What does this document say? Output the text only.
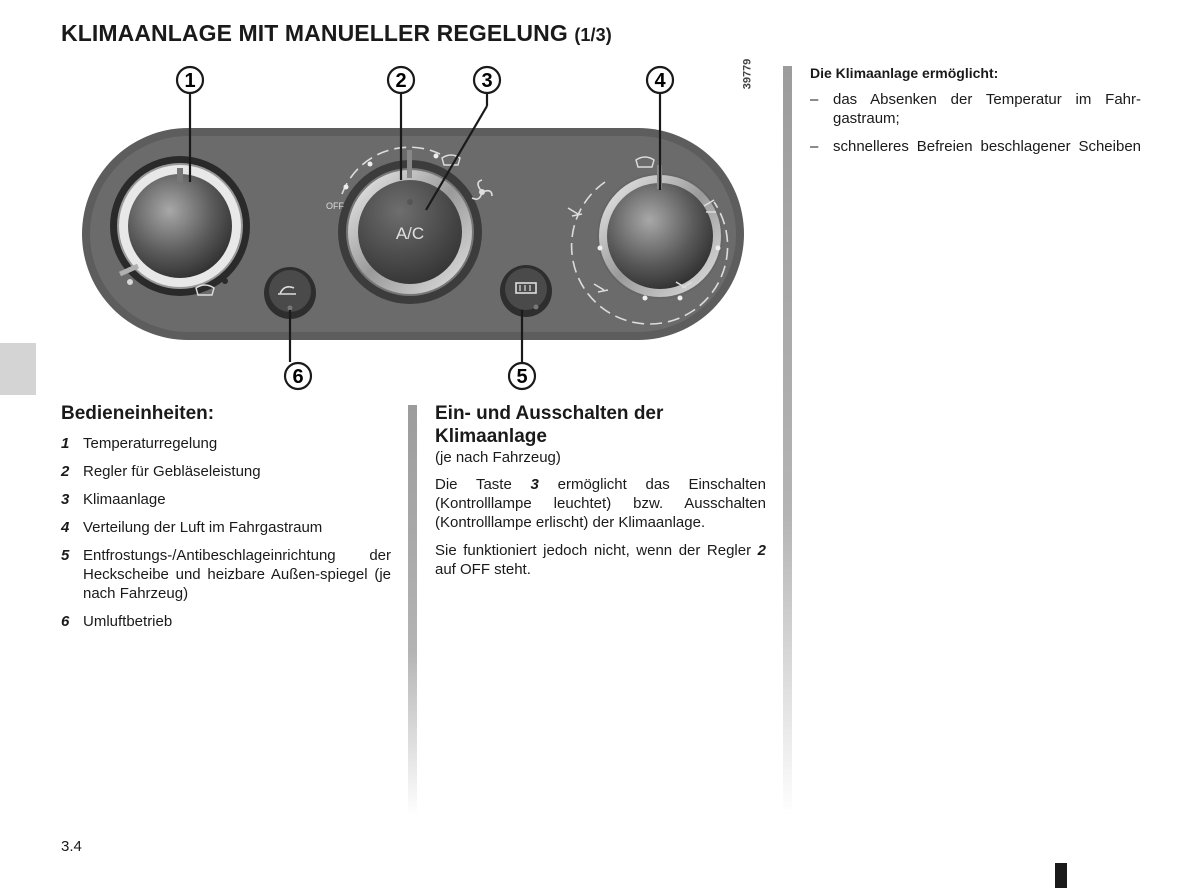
KLIMAANLAGE MIT MANUELLER REGELUNG (1/3)
A/C
OFF
1	2	3	4
5
6
39779
Bedieneinheiten:
1 Temperaturregelung
2 Regler für Gebläseleistung
3 Klimaanlage
4 Verteilung der Luft im Fahrgastraum
5 Entfrostungs-/Antibeschlageinrichtung der Heckscheibe und heizbare Außen-spiegel (je nach Fahrzeug)
6 Umluftbetrieb
Ein- und Ausschalten der Klimaanlage
(je nach Fahrzeug)

Die Taste 3 ermöglicht das Einschalten (Kontrolllampe leuchtet) bzw. Ausschalten (Kontrolllampe erlischt) der Klimaanlage.

Sie funktioniert jedoch nicht, wenn der Regler 2 auf OFF steht.

Die Klimaanlage ermöglicht:
– das Absenken der Temperatur im Fahr-gastraum;
– schnelleres Befreien beschlagener Scheiben
3.4
